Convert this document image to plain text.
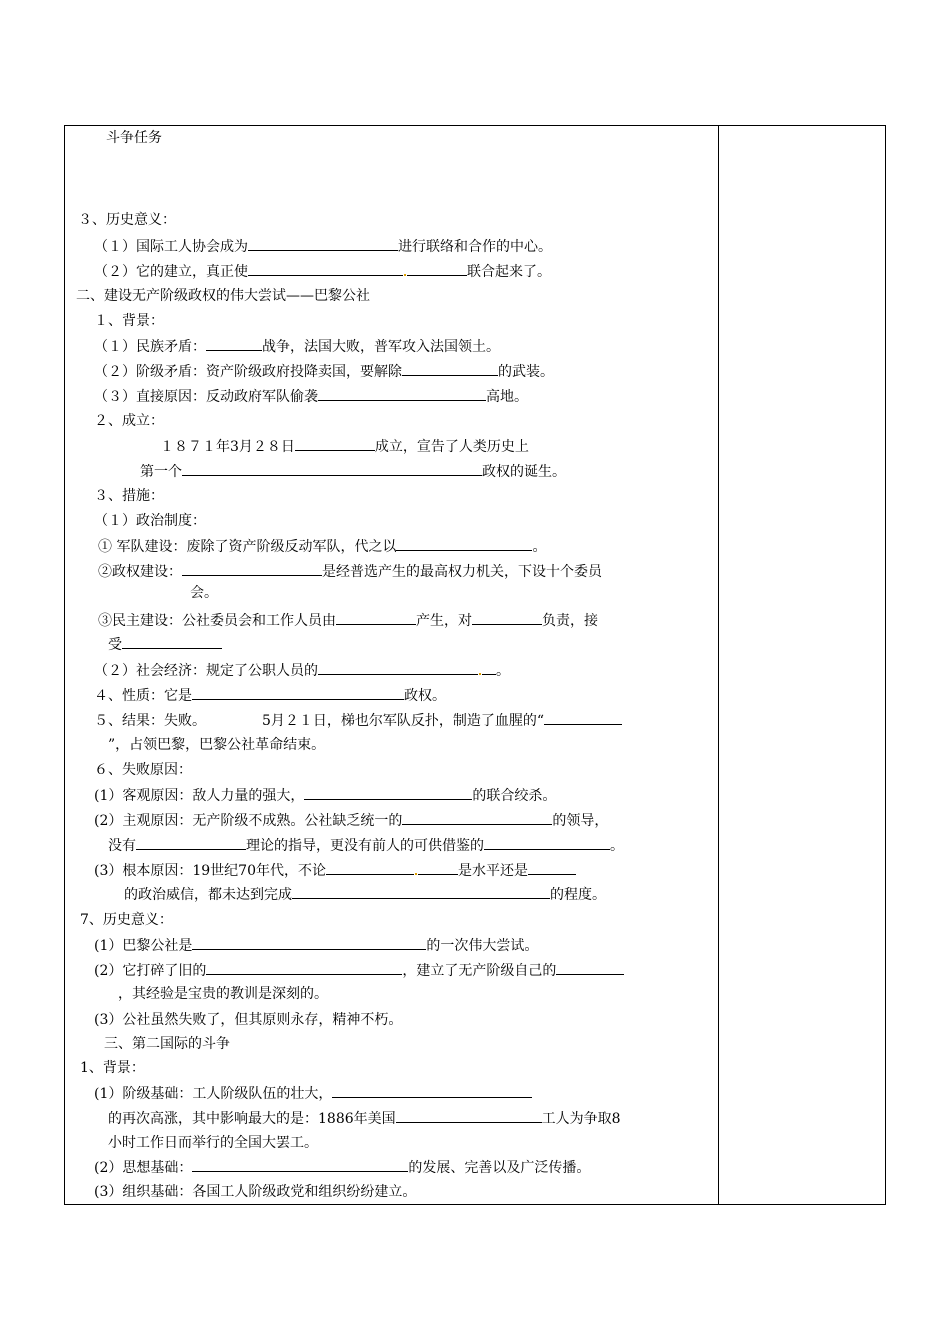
斗争任务
３、历史意义：
（１）国际工人协会成为	进行联络和合作的中心。
（２）它的建立，真正使	联合起来了。
二、建设无产阶级政权的伟大尝试——巴黎公社
１、背景：
（１）民族矛盾：	战争，法国大败，普军攻入法国领土。
（２）阶级矛盾：资产阶级政府投降卖国，要解除	的武装。
（３）直接原因：反动政府军队偷袭	高地。
２、成立：
１８７１年3月２８日	成立，宣告了人类历史上
第一个	政权的诞生。
３、措施：
（１）政治制度：
① 军队建设：废除了资产阶级反动军队，代之以	。
②政权建设：	是经普选产生的最高权力机关，下设十个委员
会。
③民主建设：公社委员会和工作人员由	产生，对	负责，接
受
（２）社会经济：规定了公职人员的	。
４、性质：它是	政权。
５、结果：失败。	5月２１日，梯也尔军队反扑，制造了血腥的“
”，占领巴黎，巴黎公社革命结束。
６、失败原因：
(1）客观原因：敌人力量的强大，	的联合绞杀。
(2）主观原因：无产阶级不成熟。公社缺乏统一的	的领导，
没有	理论的指导，更没有前人的可供借鉴的	。
(3）根本原因：19世纪70年代，不论	是水平还是
的政治威信，都未达到完成	的程度。
7、历史意义：
(1）巴黎公社是	的一次伟大尝试。
(2）它打碎了旧的	，建立了无产阶级自己的
，其经验是宝贵的教训是深刻的。
(3）公社虽然失败了，但其原则永存，精神不朽。
三、第二国际的斗争
1、背景：
(1）阶级基础：工人阶级队伍的壮大，
的再次高涨，其中影响最大的是：1886年美国	工人为争取8
小时工作日而举行的全国大罢工。
(2）思想基础：	的发展、完善以及广泛传播。
(3）组织基础：各国工人阶级政党和组织纷纷建立。
